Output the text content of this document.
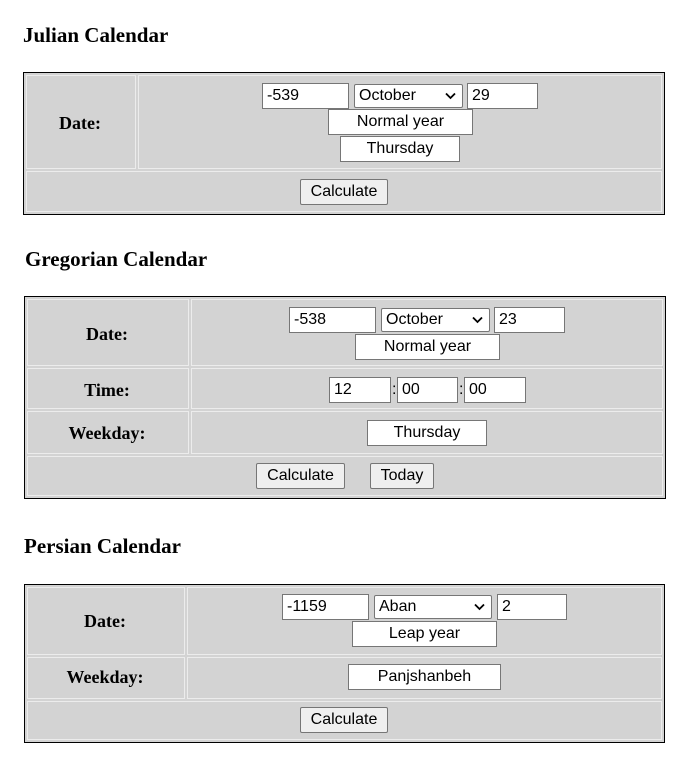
Julian Calendar
Date:
-539	October	29
Normal year
Thursday
Calculate
Gregorian Calendar
Date:
-538	October	23
Normal year
Time:	12	: 00	: 00
Weekday:	Thursday
Calculate	Today
Persian Calendar
Date:
-1159	Aban	2
Leap year
Weekday:	Panjshanbeh
Calculate
